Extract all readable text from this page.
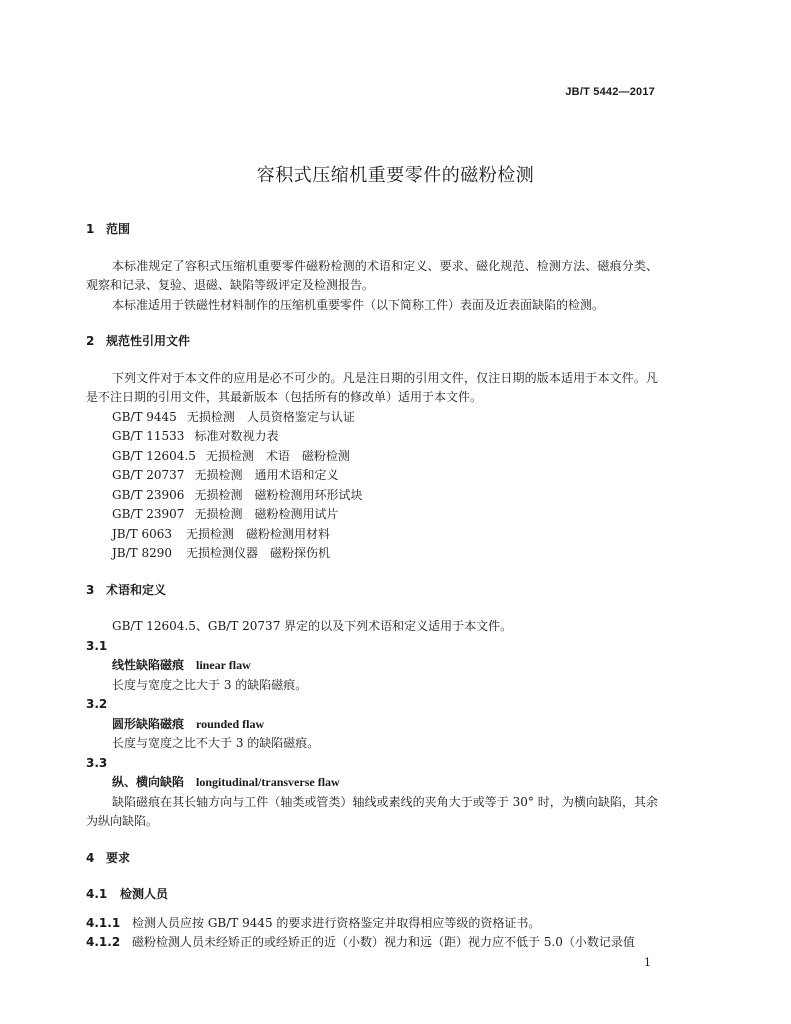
JB/T 5442—2017
容积式压缩机重要零件的磁粉检测
1 范围

本标准规定了容积式压缩机重要零件磁粉检测的术语和定义、要求、磁化规范、检测方法、磁痕分类、观察和记录、复验、退磁、缺陷等级评定及检测报告。

本标准适用于铁磁性材料制作的压缩机重要零件（以下简称工件）表面及近表面缺陷的检测。

2 规范性引用文件

下列文件对于本文件的应用是必不可少的。凡是注日期的引用文件，仅注日期的版本适用于本文件。凡是不注日期的引用文件，其最新版本（包括所有的修改单）适用于本文件。

GB/T 9445 无损检测　人员资格鉴定与认证

GB/T 11533 标准对数视力表

GB/T 12604.5 无损检测　术语　磁粉检测

GB/T 20737 无损检测　通用术语和定义

GB/T 23906 无损检测　磁粉检测用环形试块

GB/T 23907 无损检测　磁粉检测用试片

JB/T 6063 无损检测　磁粉检测用材料

JB/T 8290 无损检测仪器　磁粉探伤机

3 术语和定义

GB/T 12604.5、GB/T 20737 界定的以及下列术语和定义适用于本文件。

3.1

线性缺陷磁痕 linear flaw

长度与宽度之比大于 3 的缺陷磁痕。

3.2

圆形缺陷磁痕 rounded flaw

长度与宽度之比不大于 3 的缺陷磁痕。

3.3

纵、横向缺陷 longitudinal/transverse flaw

缺陷磁痕在其长轴方向与工件（轴类或管类）轴线或素线的夹角大于或等于 30° 时，为横向缺陷，其余为纵向缺陷。

4 要求
4.1 检测人员

4.1.1 检测人员应按 GB/T 9445 的要求进行资格鉴定并取得相应等级的资格证书。

4.1.2 磁粉检测人员未经矫正的或经矫正的近（小数）视力和远（距）视力应不低于 5.0（小数记录值

1
